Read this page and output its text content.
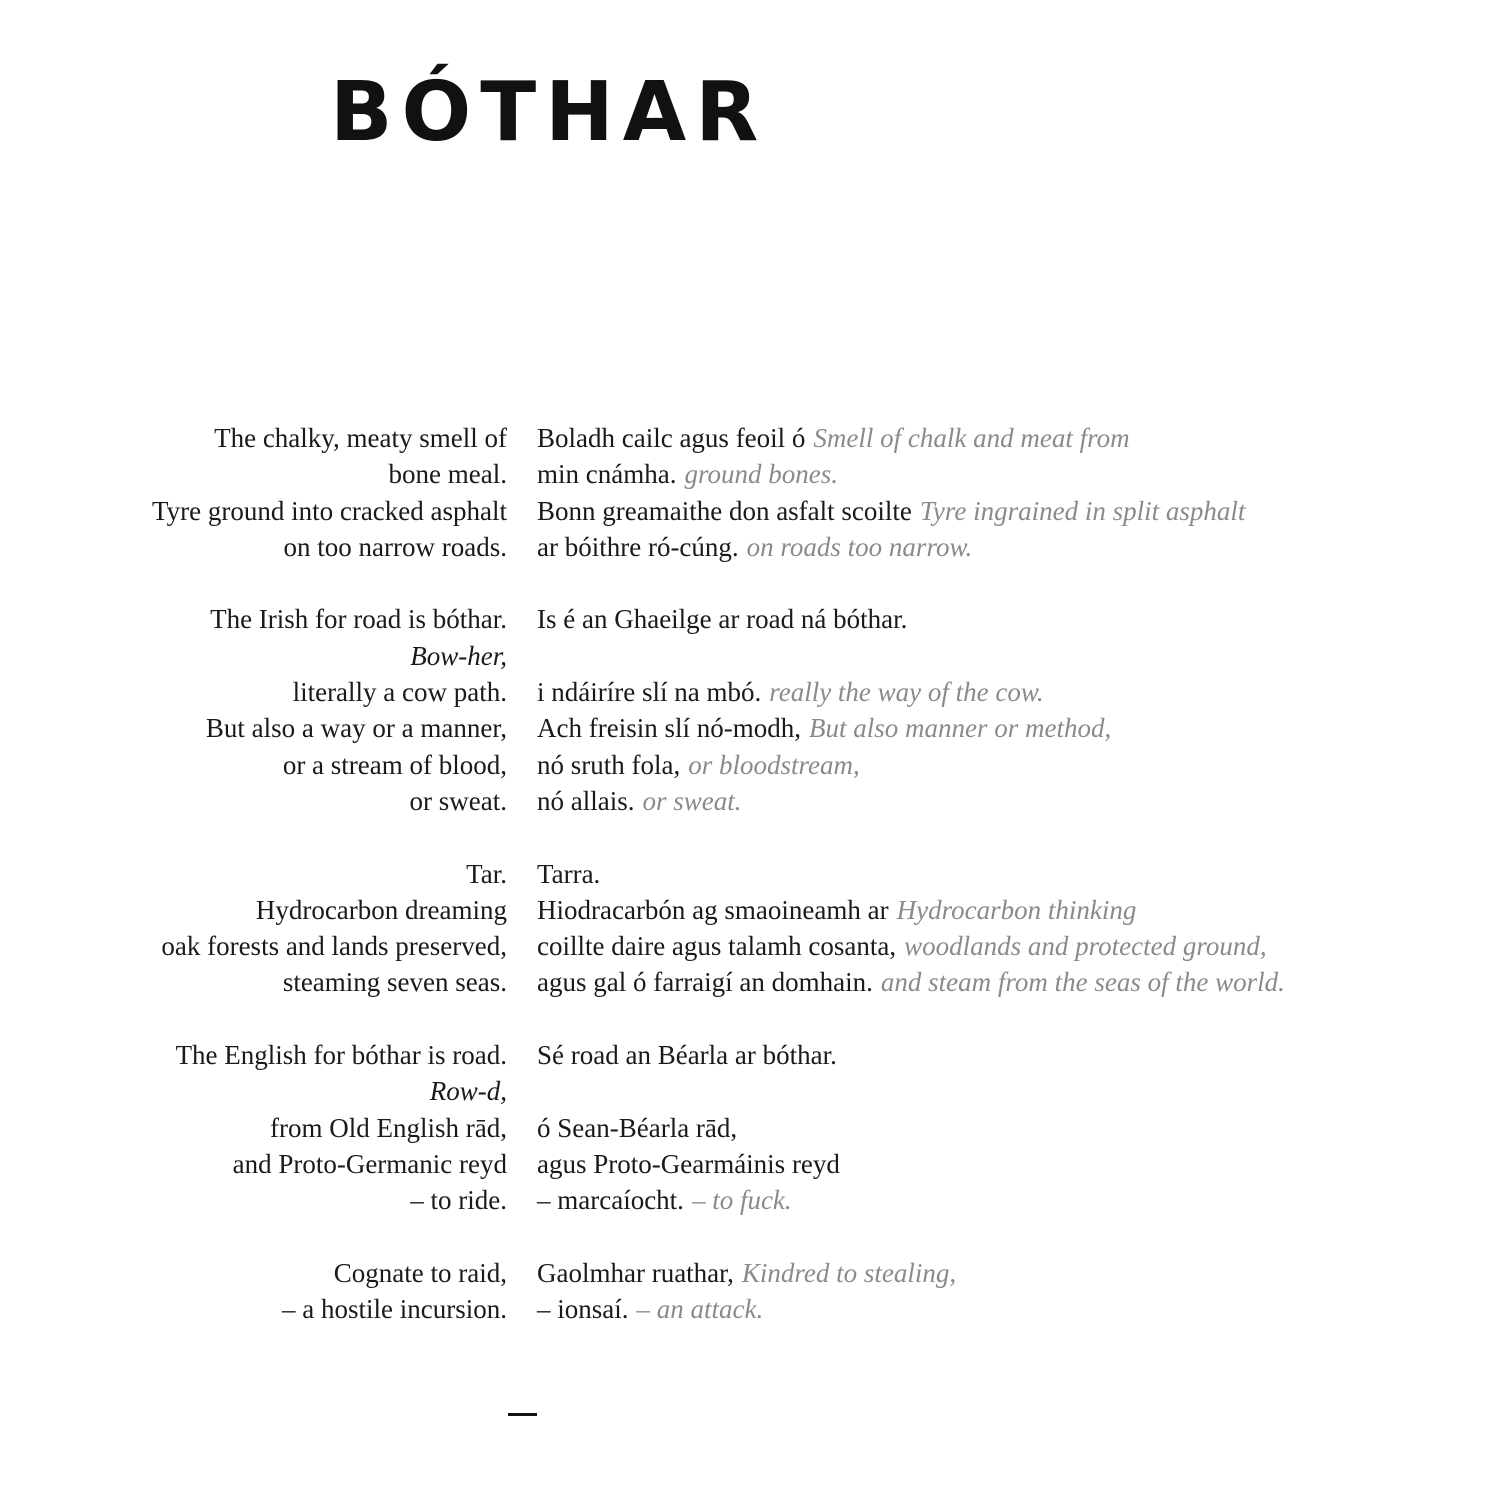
BÓTHAR
The chalky, meaty smell of Boladh cailc agus feoil ó Smell of chalk and meat from
bone meal. min cnámha. ground bones.
Tyre ground into cracked asphalt Bonn greamaithe don asfalt scoilte Tyre ingrained in split asphalt
on too narrow roads. ar bóithre ró-cúng. on roads too narrow.
The Irish for road is bóthar. Is é an Ghaeilge ar road ná bóthar.
Bow-her,
literally a cow path. i ndáiríre slí na mbó. really the way of the cow.
But also a way or a manner, Ach freisin slí nó-modh, But also manner or method,
or a stream of blood, nó sruth fola, or bloodstream,
or sweat. nó allais. or sweat.
Tar. Tarra.
Hydrocarbon dreaming Hiodracarbón ag smaoineamh ar Hydrocarbon thinking
oak forests and lands preserved, coillte daire agus talamh cosanta, woodlands and protected ground,
steaming seven seas. agus gal ó farraigí an domhain. and steam from the seas of the world.
The English for bóthar is road. Sé road an Béarla ar bóthar.
Row-d,
from Old English rād, ó Sean-Béarla rād,
and Proto-Germanic reyd agus Proto-Gearmáinis reyd
– to ride. – marcaíocht. – to fuck.
Cognate to raid, Gaolmhar ruathar, Kindred to stealing,
– a hostile incursion. – ionsaí. – an attack.
